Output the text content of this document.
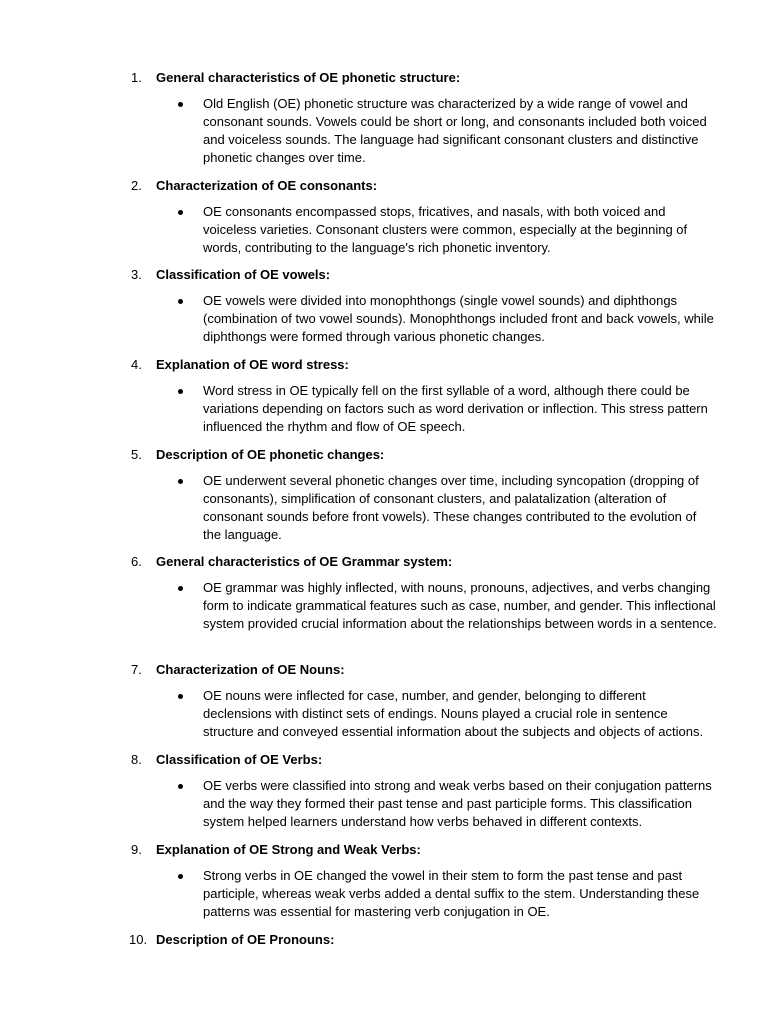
1. General characteristics of OE phonetic structure:
Old English (OE) phonetic structure was characterized by a wide range of vowel and consonant sounds. Vowels could be short or long, and consonants included both voiced and voiceless sounds. The language had significant consonant clusters and distinctive phonetic changes over time.
2. Characterization of OE consonants:
OE consonants encompassed stops, fricatives, and nasals, with both voiced and voiceless varieties. Consonant clusters were common, especially at the beginning of words, contributing to the language's rich phonetic inventory.
3. Classification of OE vowels:
OE vowels were divided into monophthongs (single vowel sounds) and diphthongs (combination of two vowel sounds). Monophthongs included front and back vowels, while diphthongs were formed through various phonetic changes.
4. Explanation of OE word stress:
Word stress in OE typically fell on the first syllable of a word, although there could be variations depending on factors such as word derivation or inflection. This stress pattern influenced the rhythm and flow of OE speech.
5. Description of OE phonetic changes:
OE underwent several phonetic changes over time, including syncopation (dropping of consonants), simplification of consonant clusters, and palatalization (alteration of consonant sounds before front vowels). These changes contributed to the evolution of the language.
6. General characteristics of OE Grammar system:
OE grammar was highly inflected, with nouns, pronouns, adjectives, and verbs changing form to indicate grammatical features such as case, number, and gender. This inflectional system provided crucial information about the relationships between words in a sentence.
7. Characterization of OE Nouns:
OE nouns were inflected for case, number, and gender, belonging to different declensions with distinct sets of endings. Nouns played a crucial role in sentence structure and conveyed essential information about the subjects and objects of actions.
8. Classification of OE Verbs:
OE verbs were classified into strong and weak verbs based on their conjugation patterns and the way they formed their past tense and past participle forms. This classification system helped learners understand how verbs behaved in different contexts.
9. Explanation of OE Strong and Weak Verbs:
Strong verbs in OE changed the vowel in their stem to form the past tense and past participle, whereas weak verbs added a dental suffix to the stem. Understanding these patterns was essential for mastering verb conjugation in OE.
10. Description of OE Pronouns:
